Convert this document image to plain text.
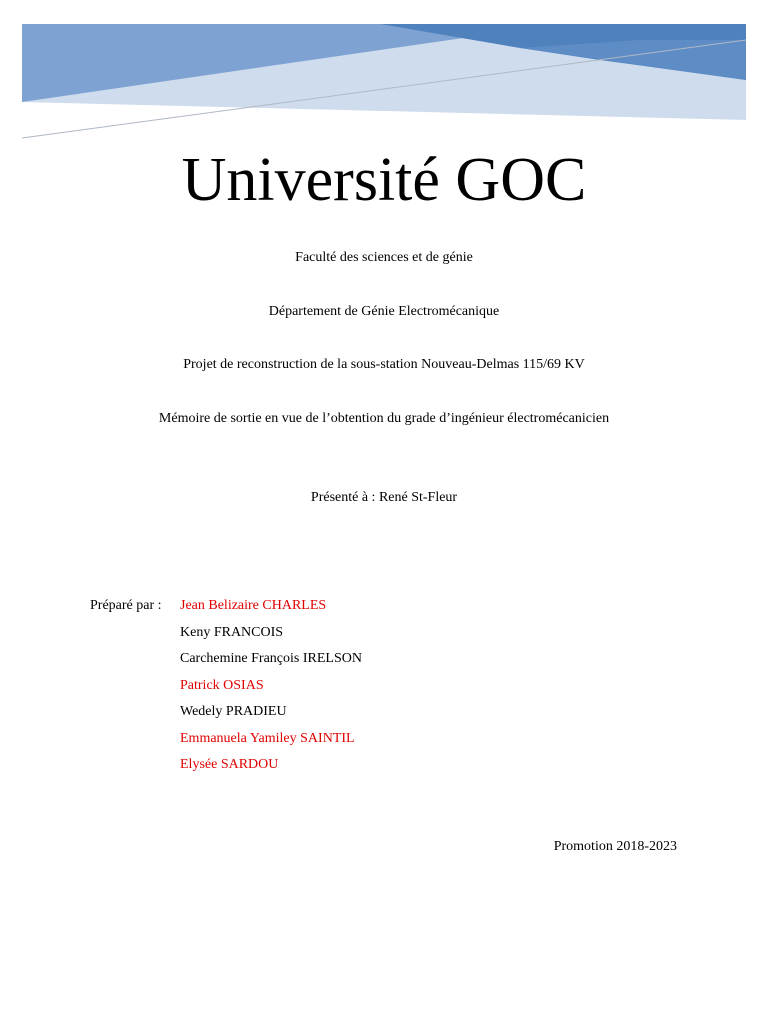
Université GOC
Faculté des sciences et de génie
Département de Génie Electromécanique
Projet de reconstruction de la sous-station Nouveau-Delmas 115/69 KV
Mémoire de sortie en vue de l’obtention du grade d’ingénieur électromécanicien
Présenté à : René St-Fleur
Préparé par : Jean Belizaire CHARLES
Keny FRANCOIS
Carchemine François IRELSON
Patrick OSIAS
Wedely PRADIEU
Emmanuela Yamiley SAINTIL
Elysée SARDOU
Promotion 2018-2023
